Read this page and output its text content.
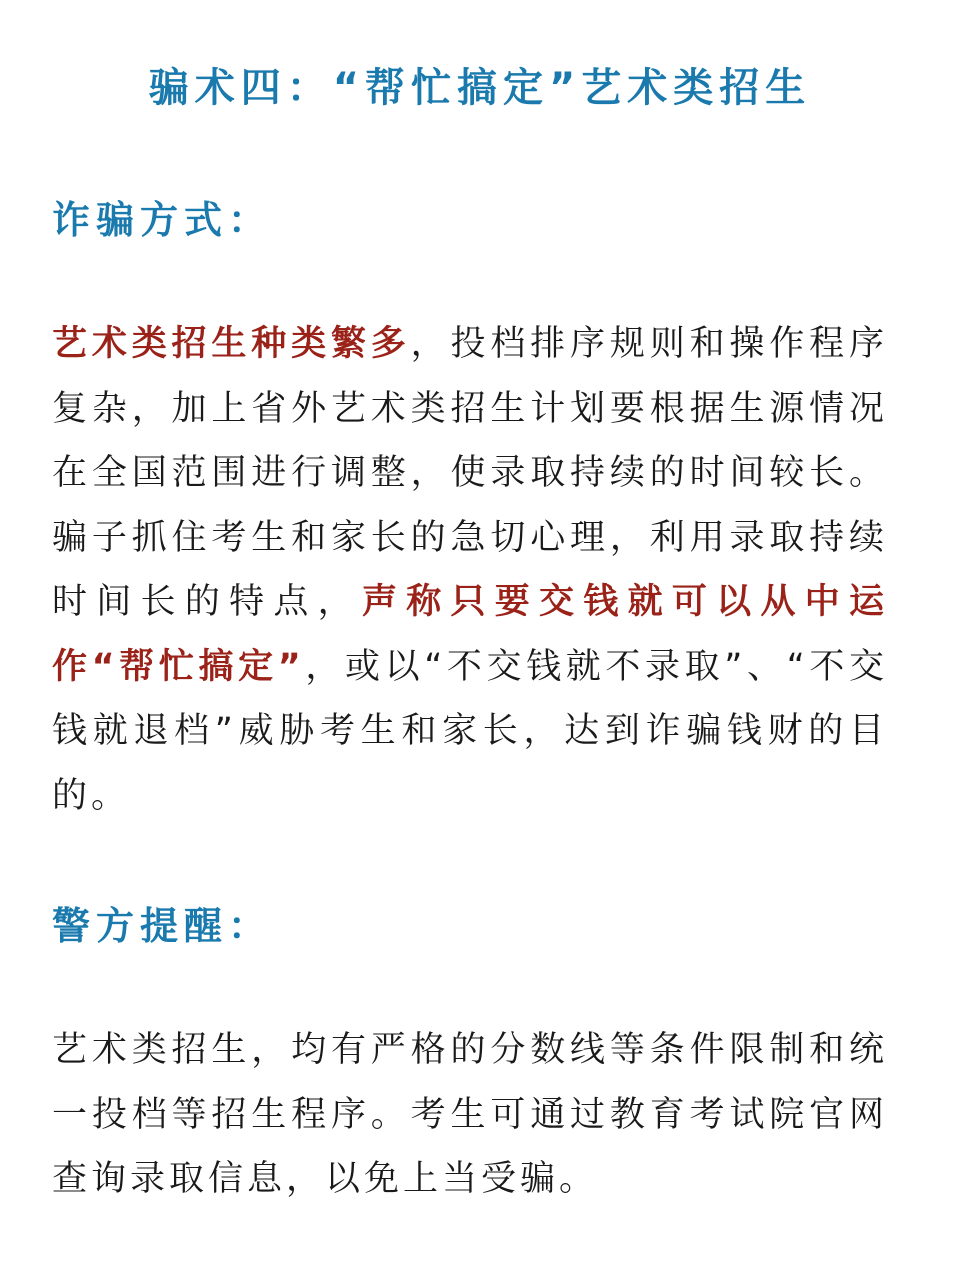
骗术四：“帮忙搞定”艺术类招生
诈骗方式：
艺术类招生种类繁多，投档排序规则和操作程序复杂，加上省外艺术类招生计划要根据生源情况在全国范围进行调整，使录取持续的时间较长。骗子抓住考生和家长的急切心理，利用录取持续时间长的特点，声称只要交钱就可以从中运作“帮忙搞定”，或以“不交钱就不录取”、“不交钱就退档”威胁考生和家长，达到诈骗钱财的目的。
警方提醒：
艺术类招生，均有严格的分数线等条件限制和统一投档等招生程序。考生可通过教育考试院官网查询录取信息，以免上当受骗。
